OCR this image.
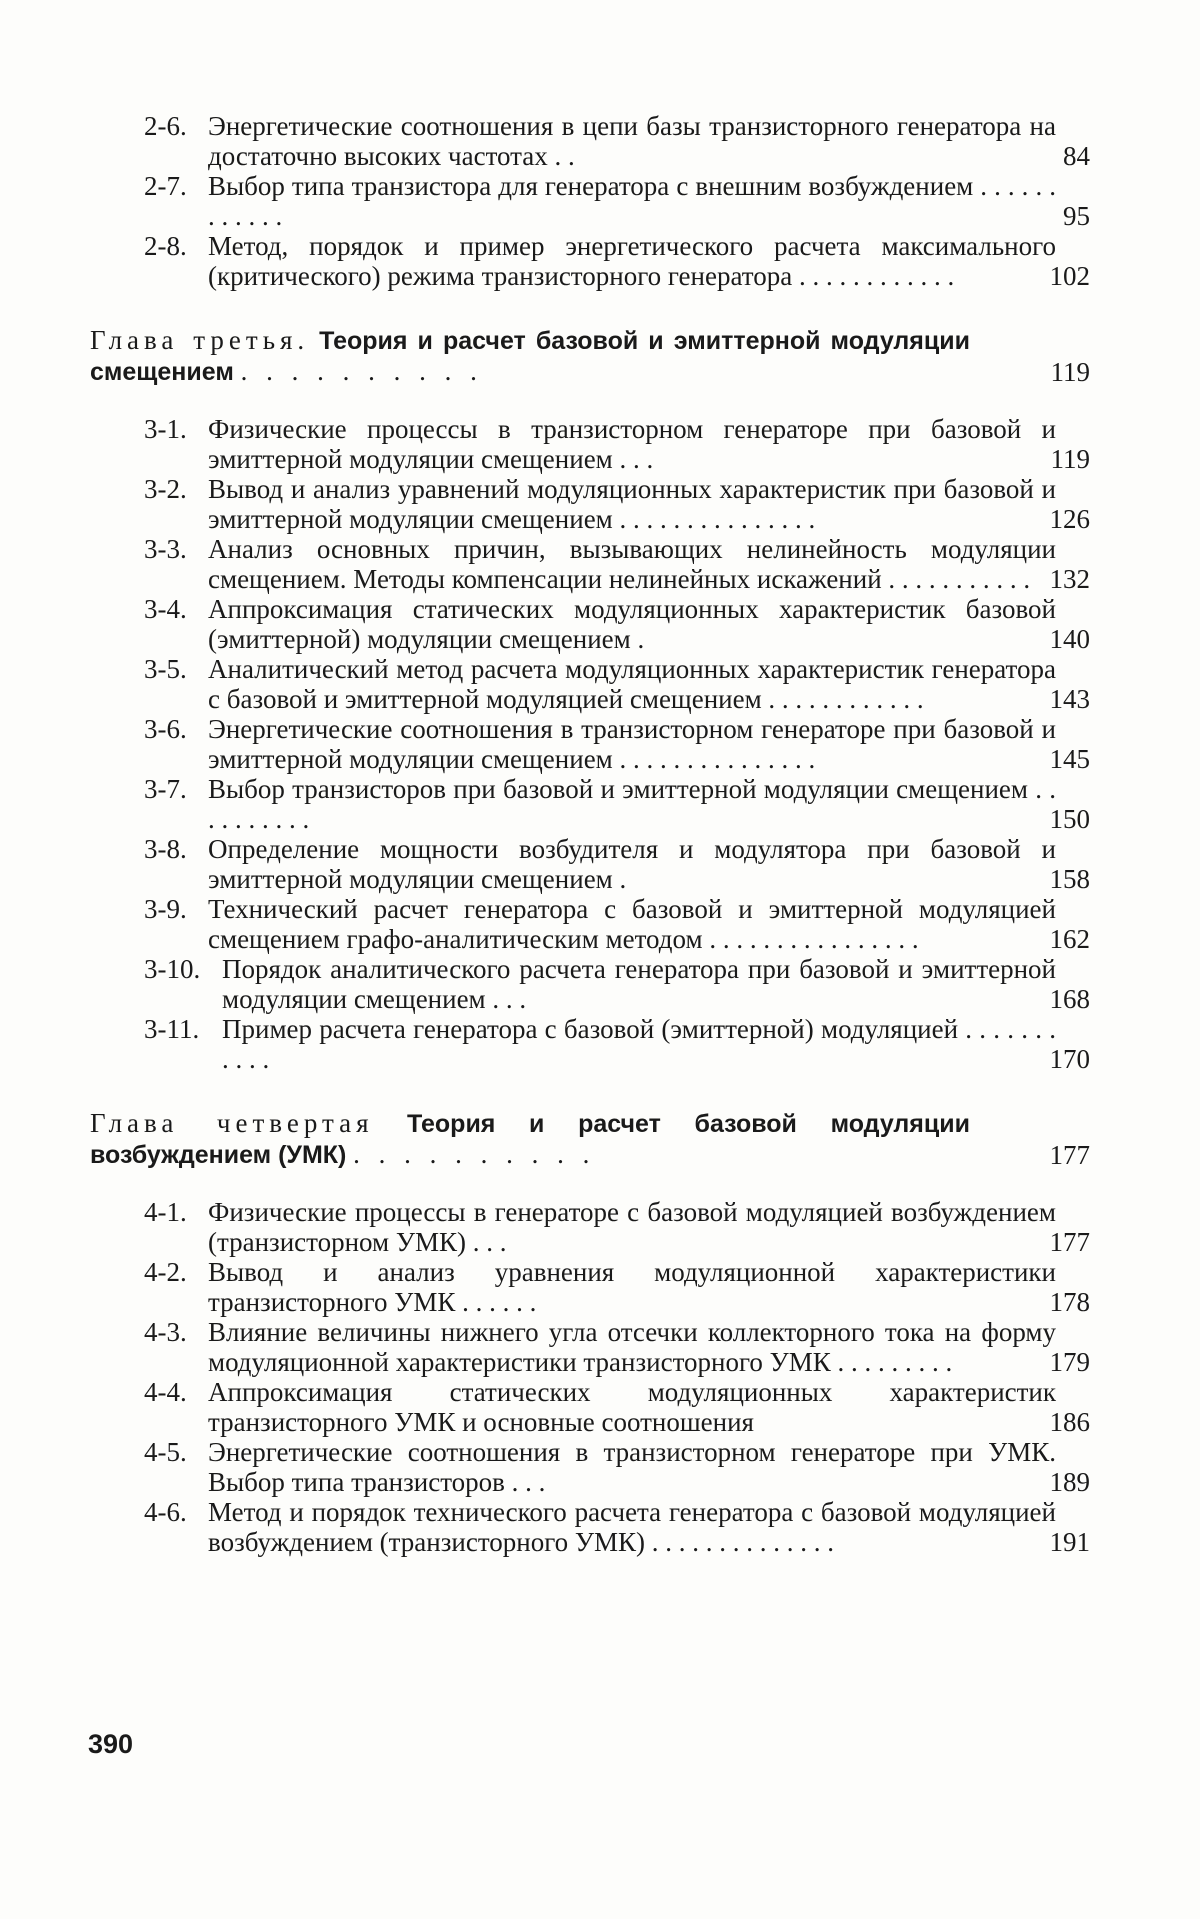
2-6. Энергетические соотношения в цепи базы транзисторного генератора на достаточно высоких частотах . .	84
2-7. Выбор типа транзистора для генератора с внешним возбуждением . . . . . . . . . . . .	95
2-8. Метод, порядок и пример энергетического расчета максимального (критического) режима транзисторного генератора . . . . . . . . . . . .	102
Глава третья. Теория и расчет базовой и эмиттерной модуляции смещением . . . . . . . . . .	119
3-1. Физические процессы в транзисторном генераторе при базовой и эмиттерной модуляции смещением . . .	119
3-2. Вывод и анализ уравнений модуляционных характеристик при базовой и эмиттерной модуляции смещением . . . . . . . . . . . . . . .	126
3-3. Анализ основных причин, вызывающих нелинейность модуляции смещением. Методы компенсации нелинейных искажений . . . . . . . . . . . 132
3-4. Аппроксимация статических модуляционных характеристик базовой (эмиттерной) модуляции смещением .	140
3-5. Аналитический метод расчета модуляционных характеристик генератора с базовой и эмиттерной модуляцией смещением . . . . . . . . . . . .	143
3-6. Энергетические соотношения в транзисторном генераторе при базовой и эмиттерной модуляции смещением . . . . . . . . . . . . . . .	145
3-7. Выбор транзисторов при базовой и эмиттерной модуляции смещением . . . . . . . . . .	150
3-8. Определение мощности возбудителя и модулятора при базовой и эмиттерной модуляции смещением .	158
3-9. Технический расчет генератора с базовой и эмиттерной модуляцией смещением графо-аналитическим методом . . . . . . . . . . . . . . . .	162
3-10. Порядок аналитического расчета генератора при базовой и эмиттерной модуляции смещением . . .	168
3-11. Пример расчета генератора с базовой (эмиттерной) модуляцией . . . . . . . . . . .	170
Глава четвертая Теория и расчет базовой модуляции возбуждением (УМК) . . . . . . . . . .	177
4-1. Физические процессы в генераторе с базовой модуляцией возбуждением (транзисторном УМК) . . .	177
4-2. Вывод и анализ уравнения модуляционной характеристики транзисторного УМК . . . . . .	178
4-3. Влияние величины нижнего угла отсечки коллекторного тока на форму модуляционной характеристики транзисторного УМК . . . . . . . . .	179
4-4. Аппроксимация статических модуляционных характеристик транзисторного УМК и основные соотношения	186
4-5. Энергетические соотношения в транзисторном генераторе при УМК. Выбор типа транзисторов . . .	189
4-6. Метод и порядок технического расчета генератора с базовой модуляцией возбуждением (транзисторного УМК) . . . . . . . . . . . . . .	191
390
